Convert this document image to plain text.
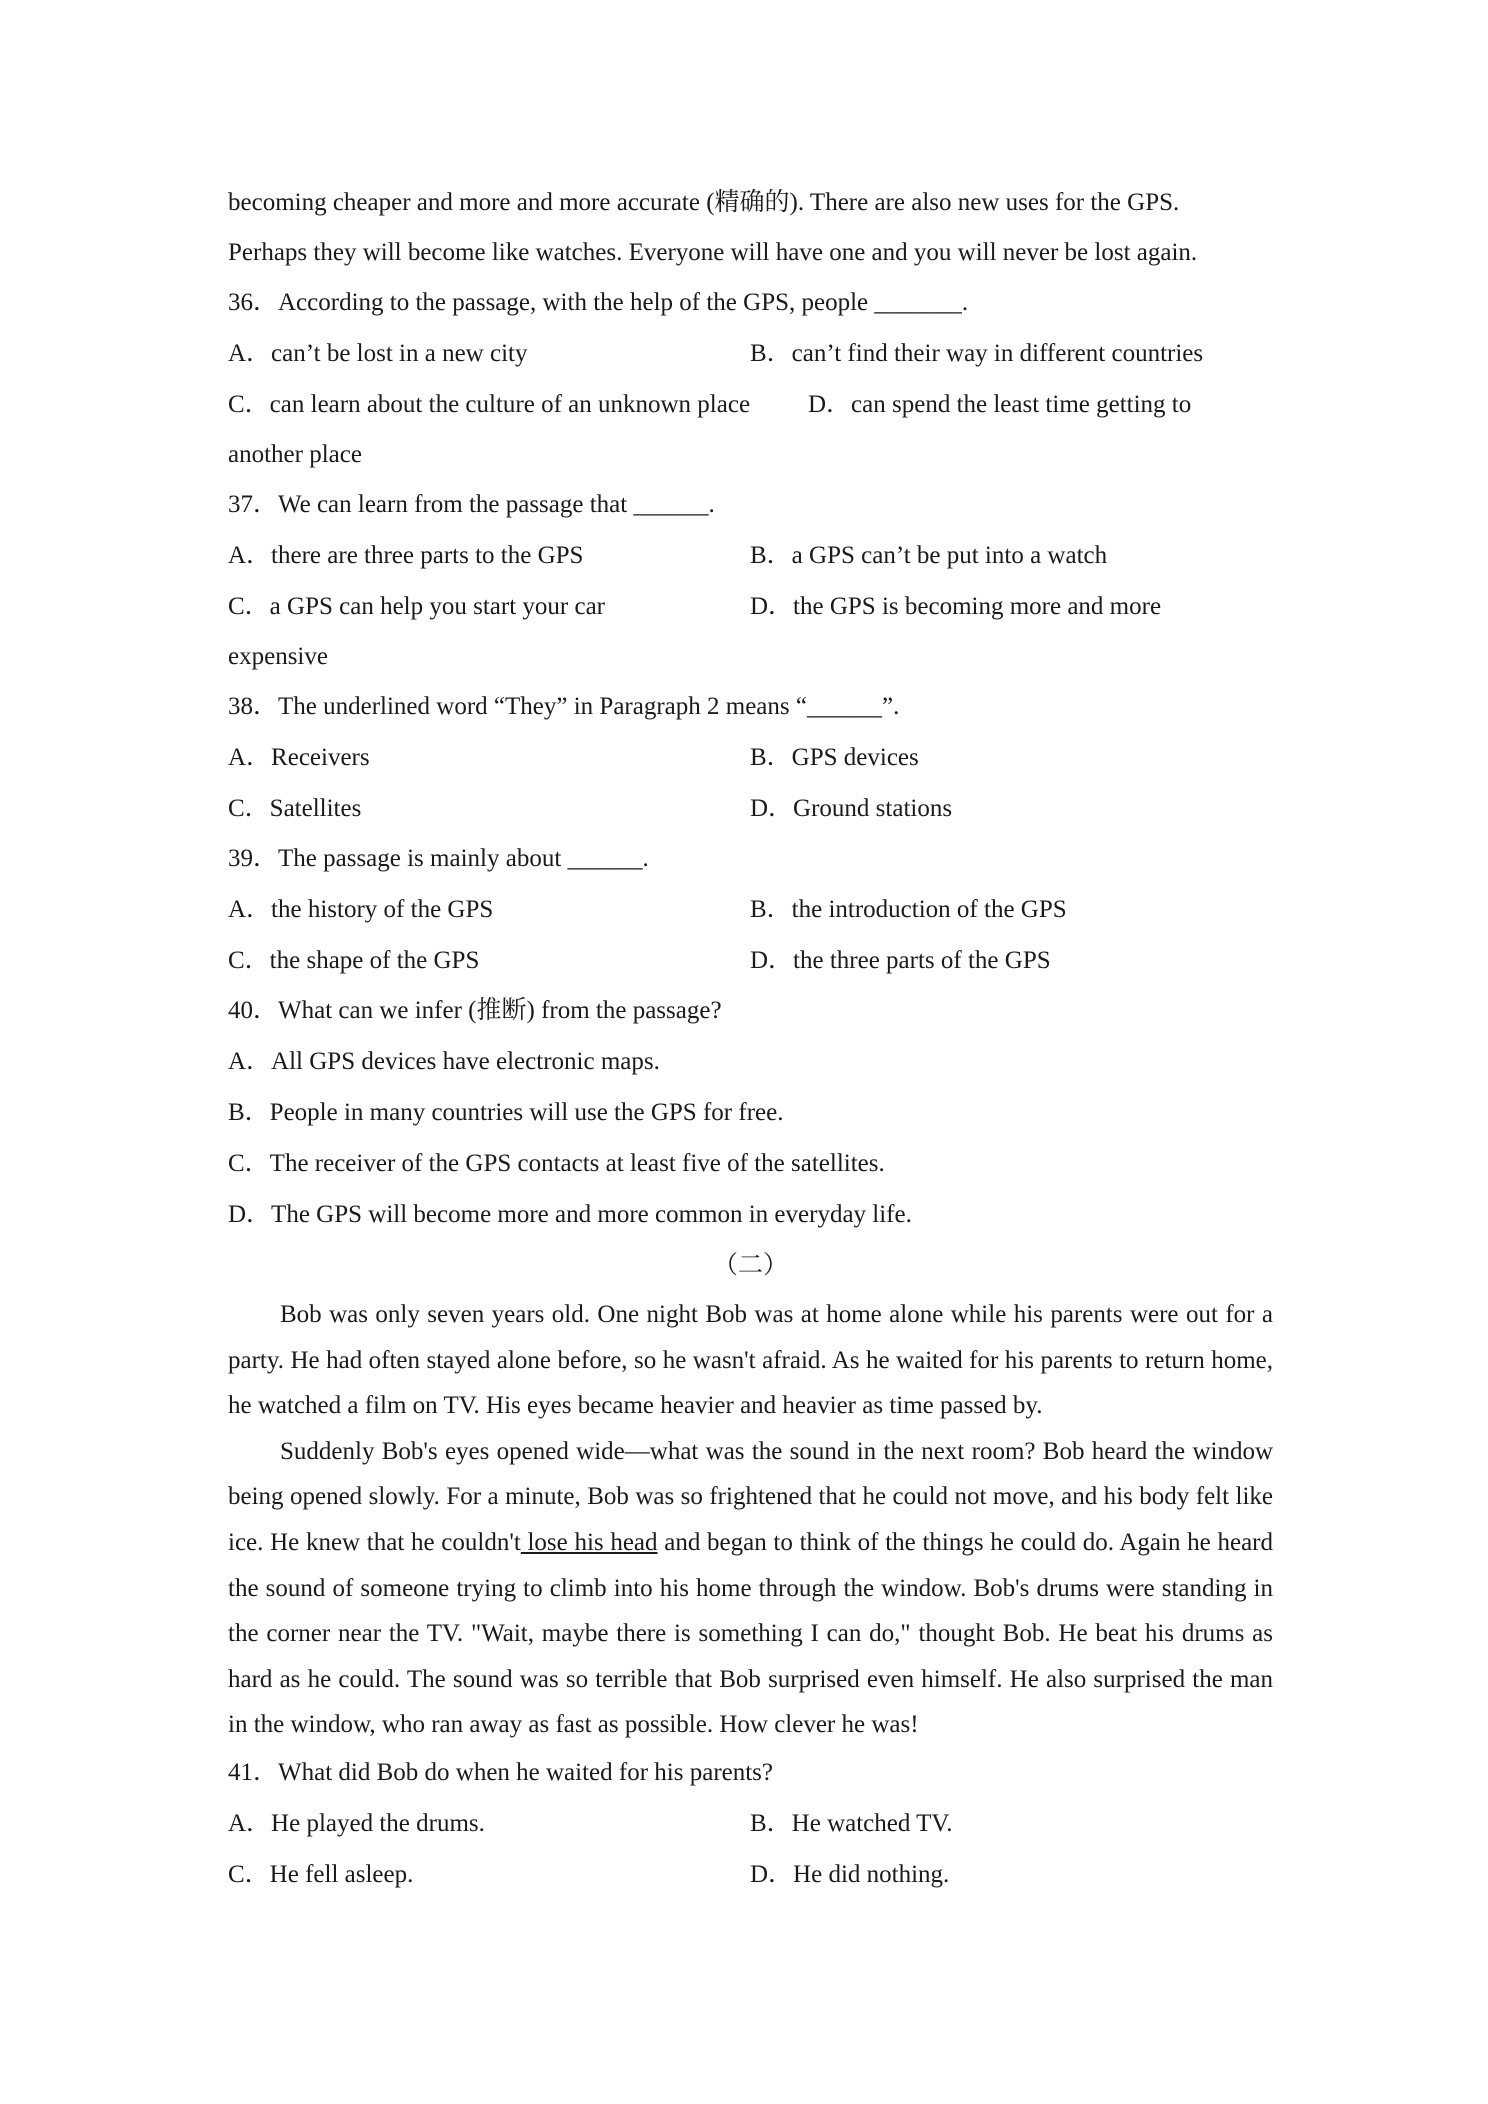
becoming cheaper and more and more accurate (精确的). There are also new uses for the GPS.
Perhaps they will become like watches. Everyone will have one and you will never be lost again.
36．According to the passage, with the help of the GPS, people _______.
A．can’t be lost in a new city	B．can’t find their way in different countries
C．can learn about the culture of an unknown place	D．can spend the least time getting to
another place
37．We can learn from the passage that ______.
A．there are three parts to the GPS	B．a GPS can’t be put into a watch
C．a GPS can help you start your car	D．the GPS is becoming more and more
expensive
38．The underlined word “They” in Paragraph 2 means “______”.
A．Receivers	B．GPS devices
C．Satellites	D．Ground stations
39．The passage is mainly about ______.
A．the history of the GPS	B．the introduction of the GPS
C．the shape of the GPS	D．the three parts of the GPS
40．What can we infer (推断) from the passage?
A．All GPS devices have electronic maps.
B．People in many countries will use the GPS for free.
C．The receiver of the GPS contacts at least five of the satellites.
D．The GPS will become more and more common in everyday life.
（二）
Bob was only seven years old. One night Bob was at home alone while his parents were out for a party. He had often stayed alone before, so he wasn't afraid. As he waited for his parents to return home, he watched a film on TV. His eyes became heavier and heavier as time passed by.
Suddenly Bob's eyes opened wide—what was the sound in the next room? Bob heard the window being opened slowly. For a minute, Bob was so frightened that he could not move, and his body felt like ice. He knew that he couldn't lose his head and began to think of the things he could do. Again he heard the sound of someone trying to climb into his home through the window. Bob's drums were standing in the corner near the TV. "Wait, maybe there is something I can do," thought Bob. He beat his drums as hard as he could. The sound was so terrible that Bob surprised even himself. He also surprised the man in the window, who ran away as fast as possible. How clever he was!
41．What did Bob do when he waited for his parents?
A．He played the drums.	B．He watched TV.
C．He fell asleep.	D．He did nothing.
